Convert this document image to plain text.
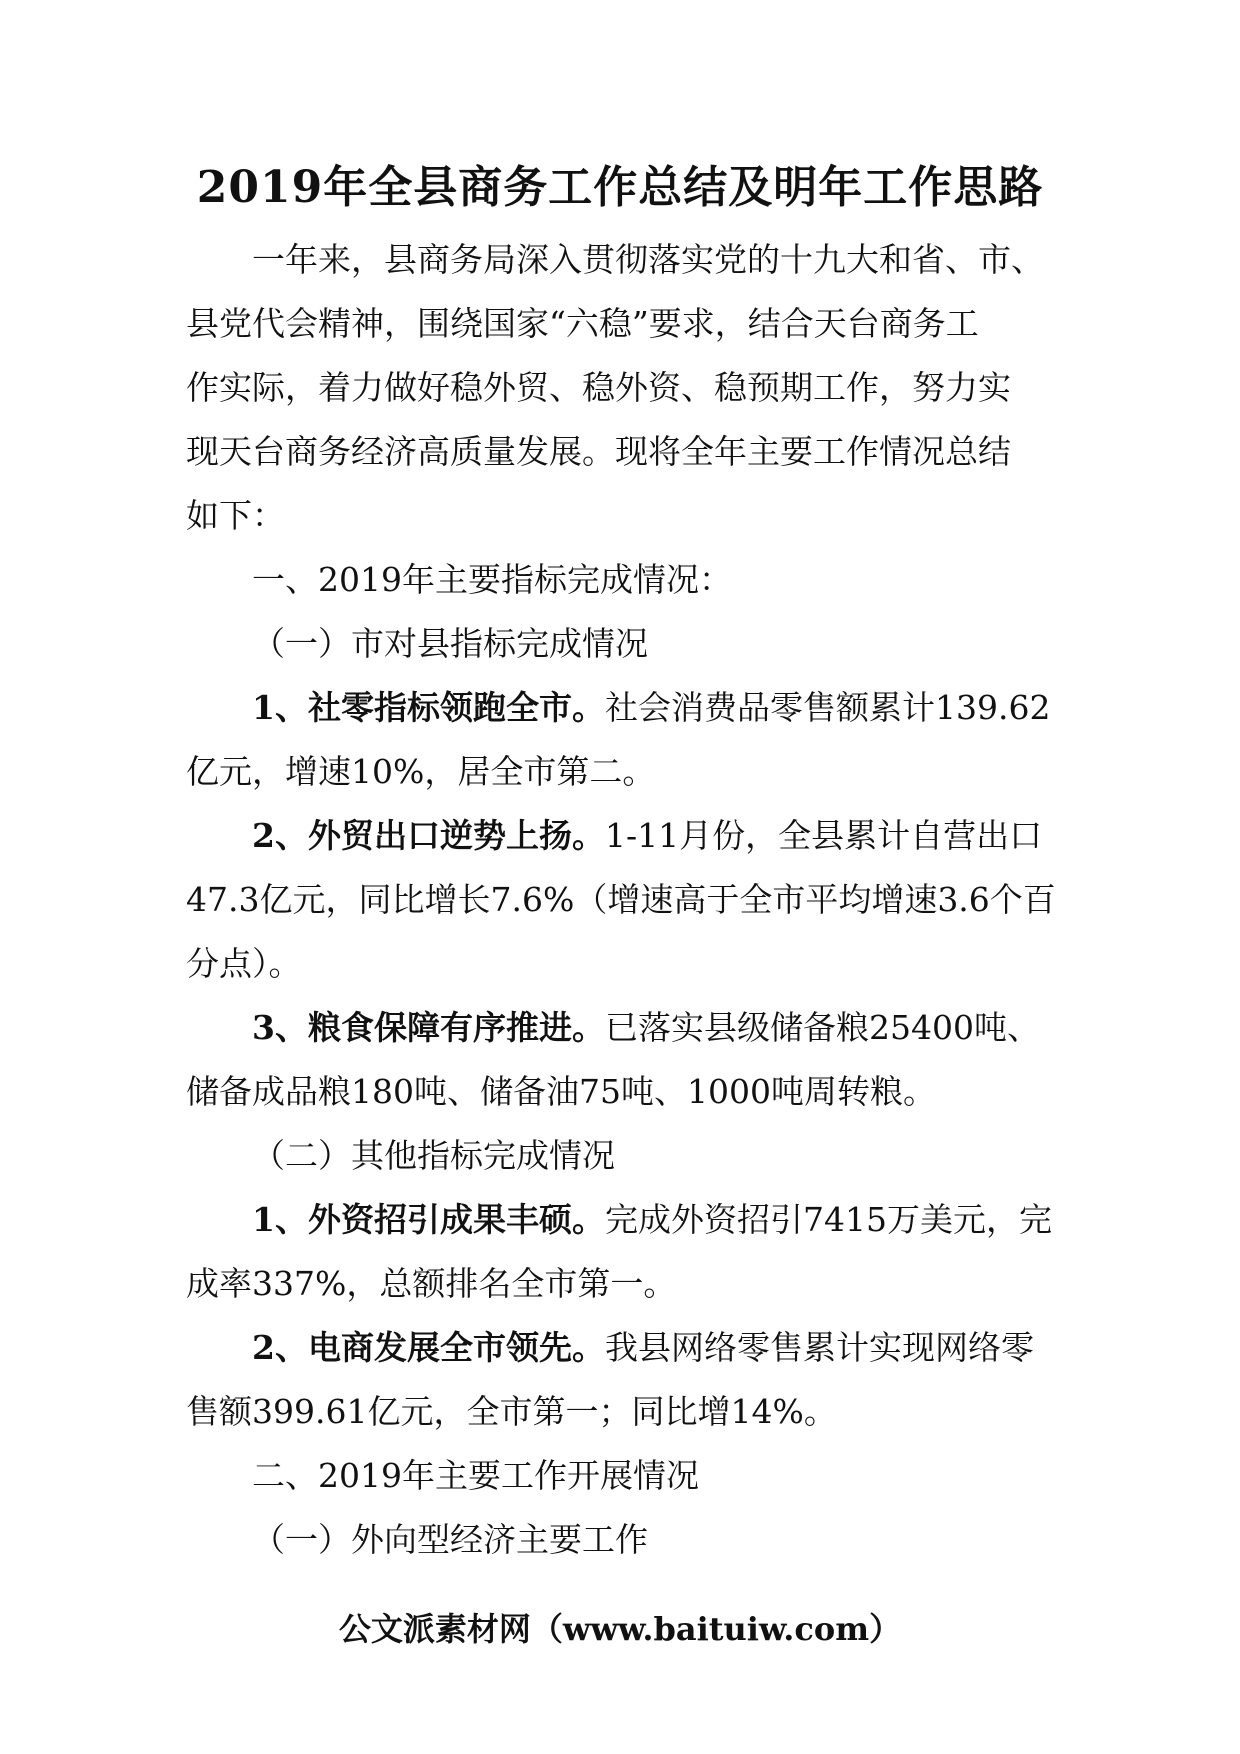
2019年全县商务工作总结及明年工作思路
一年来，县商务局深入贯彻落实党的十九大和省、市、
县党代会精神，围绕国家“六稳”要求，结合天台商务工
作实际，着力做好稳外贸、稳外资、稳预期工作，努力实
现天台商务经济高质量发展。现将全年主要工作情况总结
如下：
一、2019年主要指标完成情况：
（一）市对县指标完成情况
1、社零指标领跑全市。社会消费品零售额累计139.62
亿元，增速10%，居全市第二。
2、外贸出口逆势上扬。1-11月份，全县累计自营出口
47.3亿元，同比增长7.6%（增速高于全市平均增速3.6个百
分点）。
3、粮食保障有序推进。已落实县级储备粮25400吨、
储备成品粮180吨、储备油75吨、1000吨周转粮。
（二）其他指标完成情况
1、外资招引成果丰硕。完成外资招引7415万美元，完
成率337%，总额排名全市第一。
2、电商发展全市领先。我县网络零售累计实现网络零
售额399.61亿元，全市第一；同比增14%。
二、2019年主要工作开展情况
（一）外向型经济主要工作
公文派素材网（www.baituiw.com）
